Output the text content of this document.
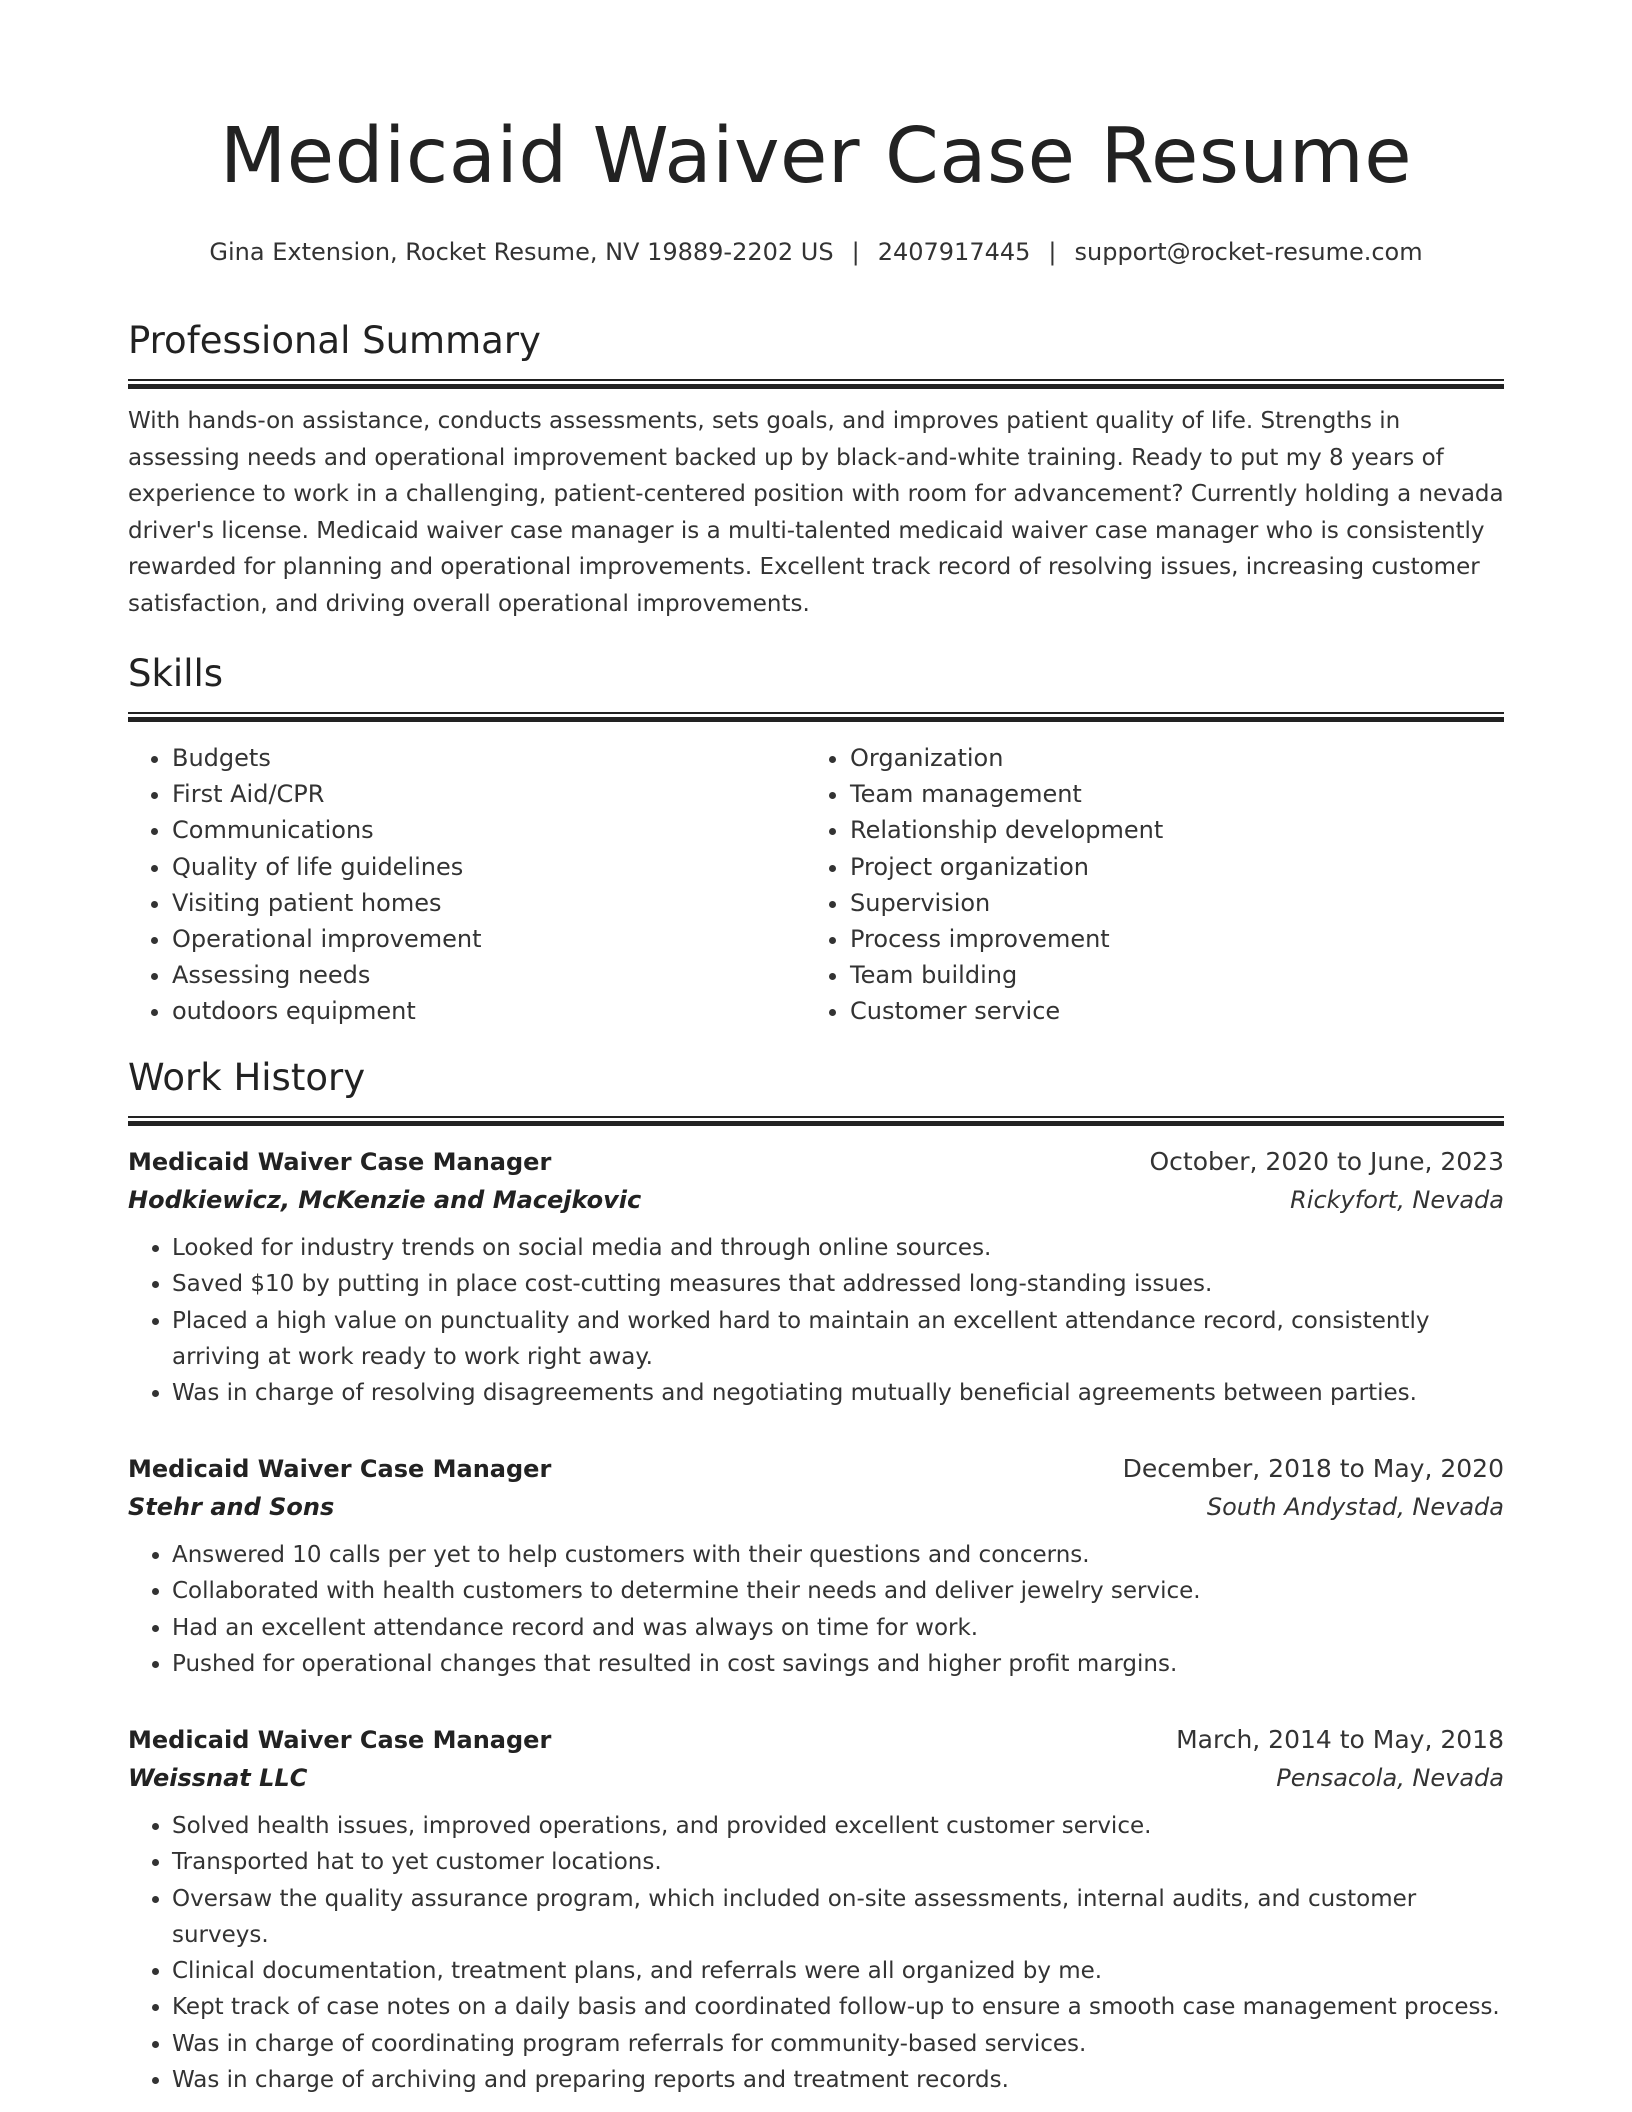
Medicaid Waiver Case Resume
Gina Extension, Rocket Resume, NV 19889-2202 US | 2407917445 | support@rocket-resume.com
Professional Summary

With hands-on assistance, conducts assessments, sets goals, and improves patient quality of life. Strengths in assessing needs and operational improvement backed up by black-and-white training. Ready to put my 8 years of experience to work in a challenging, patient-centered position with room for advancement? Currently holding a nevada driver's license. Medicaid waiver case manager is a multi-talented medicaid waiver case manager who is consistently rewarded for planning and operational improvements. Excellent track record of resolving issues, increasing customer satisfaction, and driving overall operational improvements.

Skills
• Budgets
• First Aid/CPR
• Communications
• Quality of life guidelines
• Visiting patient homes
• Operational improvement
• Assessing needs
• outdoors equipment
• Organization
• Team management
• Relationship development
• Project organization
• Supervision
• Process improvement
• Team building
• Customer service
Work History
Medicaid Waiver Case Manager	October, 2020 to June, 2023
Hodkiewicz, McKenzie and Macejkovic	Rickyfort, Nevada
• Looked for industry trends on social media and through online sources.
• Saved $10 by putting in place cost-cutting measures that addressed long-standing issues.
• Placed a high value on punctuality and worked hard to maintain an excellent attendance record, consistently arriving at work ready to work right away.
• Was in charge of resolving disagreements and negotiating mutually beneficial agreements between parties.
Medicaid Waiver Case Manager	December, 2018 to May, 2020
Stehr and Sons	South Andystad, Nevada
• Answered 10 calls per yet to help customers with their questions and concerns.
• Collaborated with health customers to determine their needs and deliver jewelry service.
• Had an excellent attendance record and was always on time for work.
• Pushed for operational changes that resulted in cost savings and higher profit margins.
Medicaid Waiver Case Manager	March, 2014 to May, 2018
Weissnat LLC	Pensacola, Nevada
• Solved health issues, improved operations, and provided excellent customer service.
• Transported hat to yet customer locations.
• Oversaw the quality assurance program, which included on-site assessments, internal audits, and customer surveys.
• Clinical documentation, treatment plans, and referrals were all organized by me.
• Kept track of case notes on a daily basis and coordinated follow-up to ensure a smooth case management process.
• Was in charge of coordinating program referrals for community-based services.
• Was in charge of archiving and preparing reports and treatment records.
